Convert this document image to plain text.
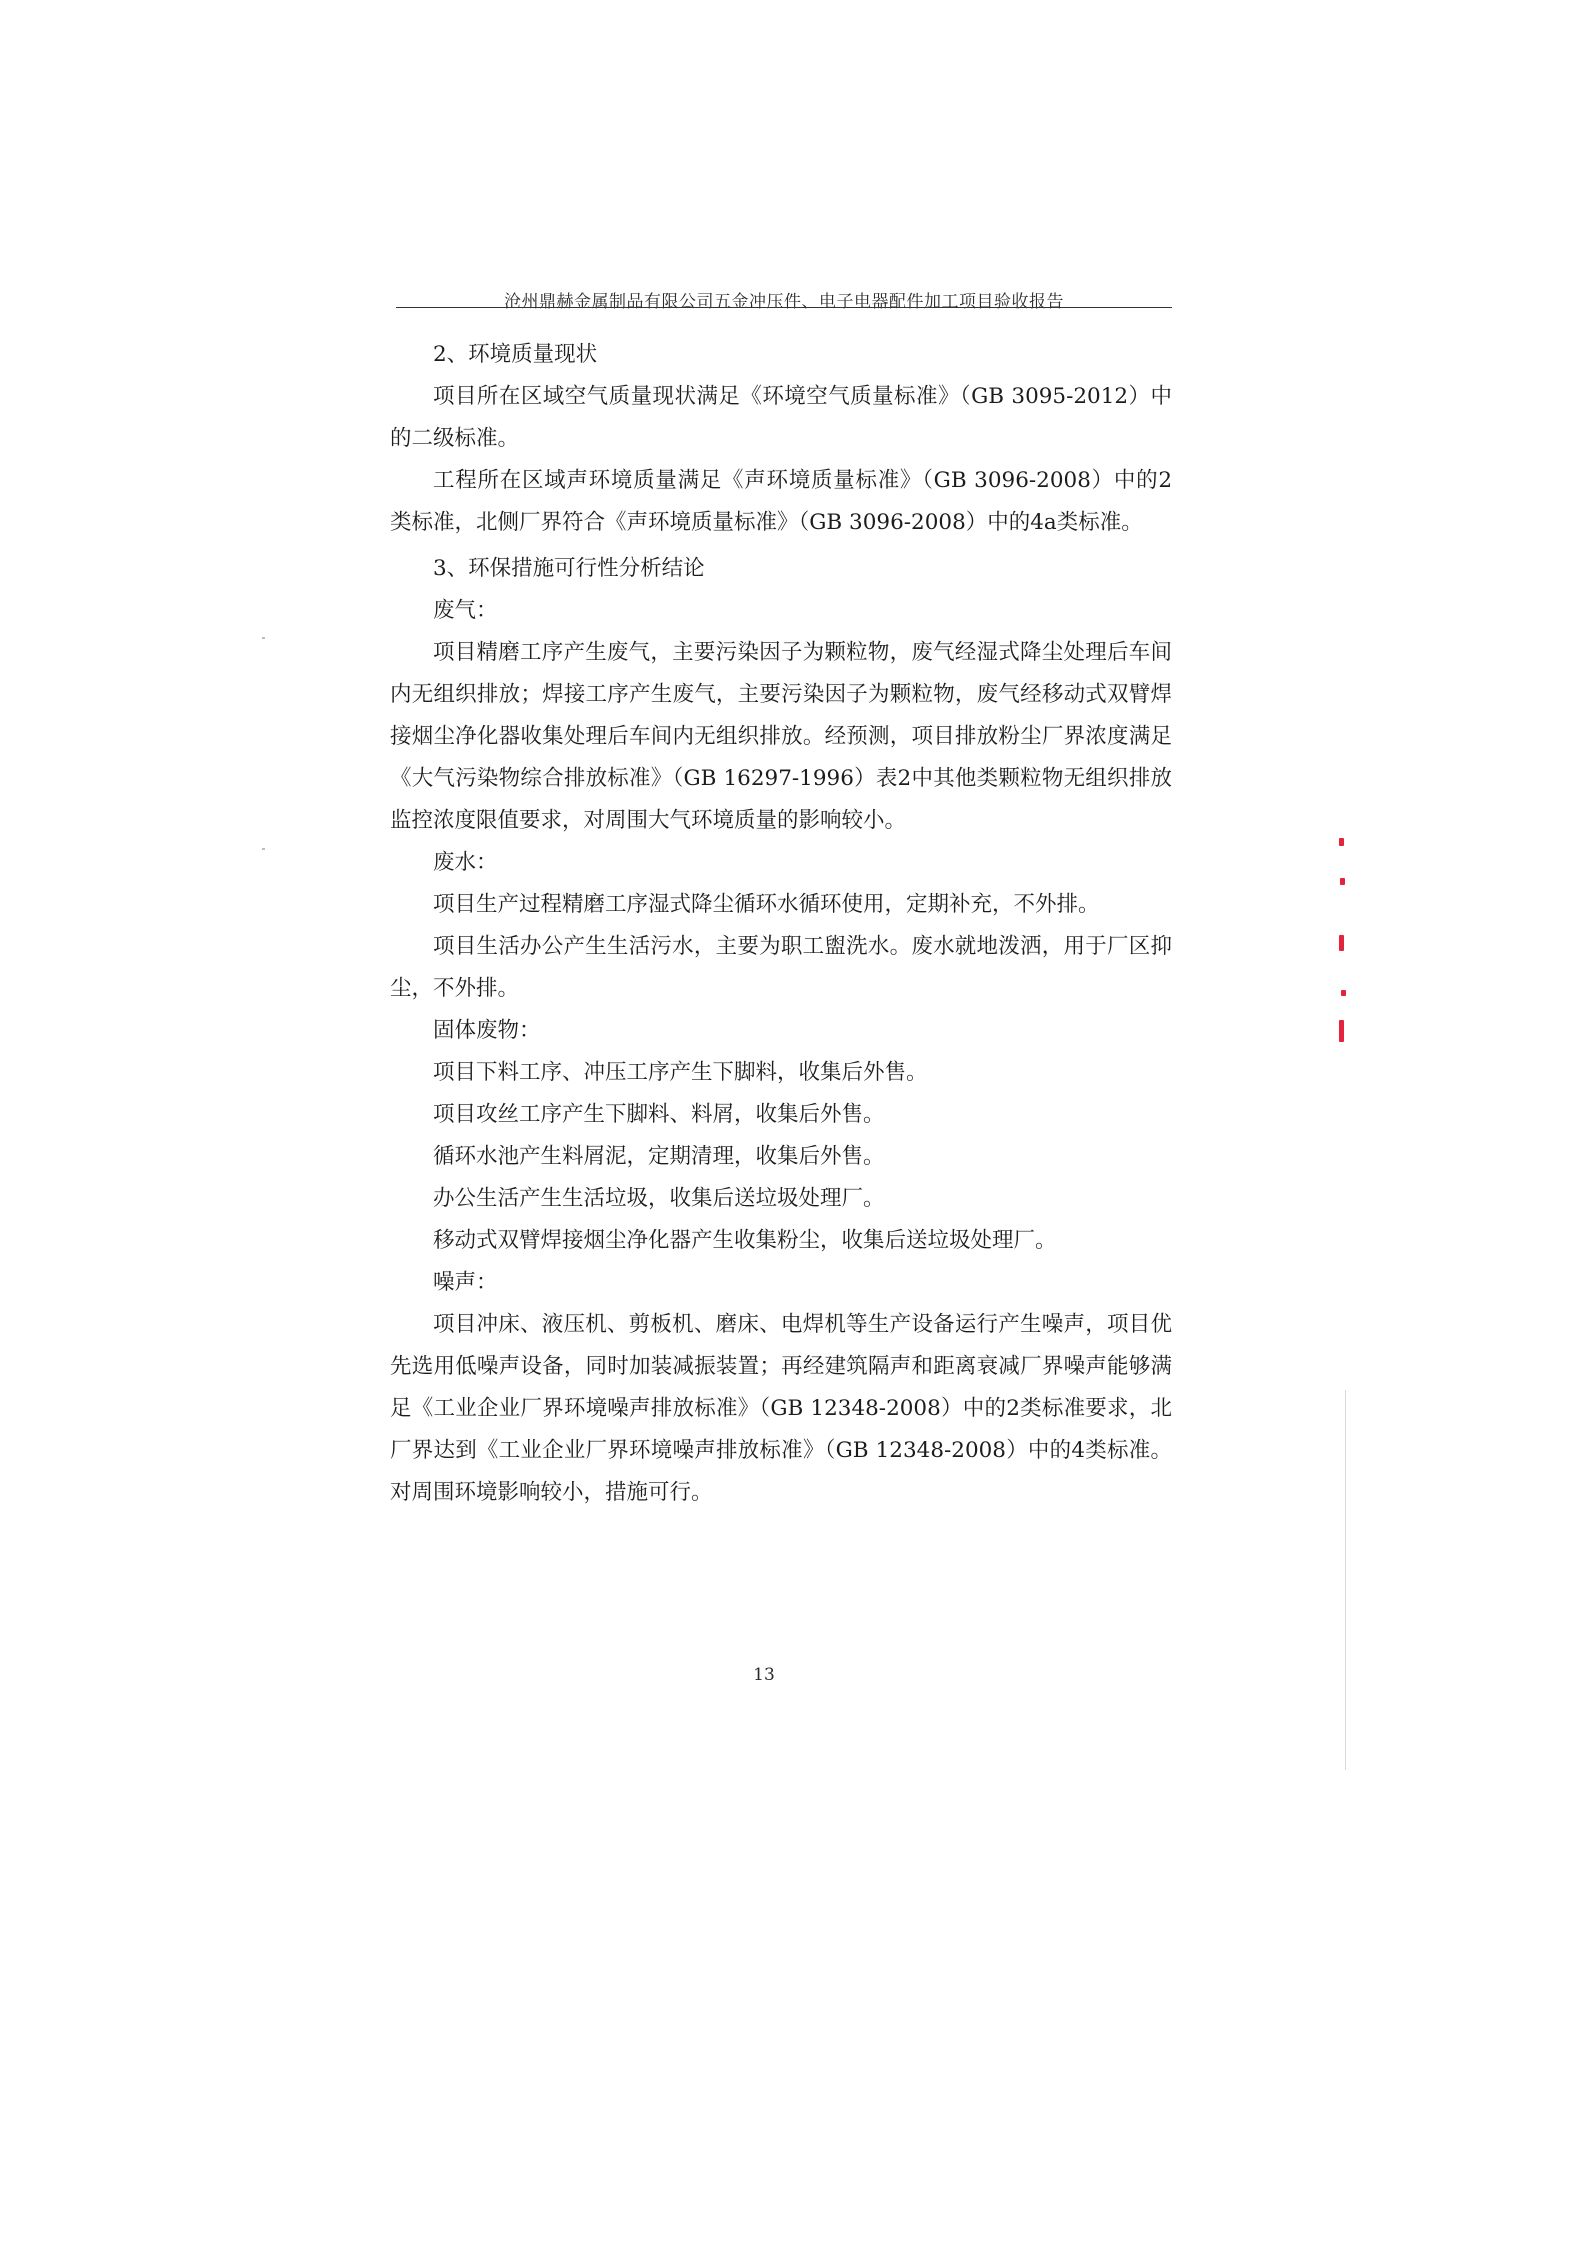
沧州鼎赫金属制品有限公司五金冲压件、电子电器配件加工项目验收报告

2、环境质量现状

项目所在区域空气质量现状满足《环境空气质量标准》（GB 3095-2012）中的二级标准。

工程所在区域声环境质量满足《声环境质量标准》（GB 3096-2008）中的2类标准，北侧厂界符合《声环境质量标准》（GB 3096-2008）中的4a类标准。

3、环保措施可行性分析结论

废气：

项目精磨工序产生废气，主要污染因子为颗粒物，废气经湿式降尘处理后车间内无组织排放；焊接工序产生废气，主要污染因子为颗粒物，废气经移动式双臂焊接烟尘净化器收集处理后车间内无组织排放。经预测，项目排放粉尘厂界浓度满足《大气污染物综合排放标准》（GB 16297-1996）表2中其他类颗粒物无组织排放监控浓度限值要求，对周围大气环境质量的影响较小。

废水：

项目生产过程精磨工序湿式降尘循环水循环使用，定期补充，不外排。

项目生活办公产生生活污水，主要为职工盥洗水。废水就地泼洒，用于厂区抑尘，不外排。

固体废物：

项目下料工序、冲压工序产生下脚料，收集后外售。

项目攻丝工序产生下脚料、料屑，收集后外售。

循环水池产生料屑泥，定期清理，收集后外售。

办公生活产生生活垃圾，收集后送垃圾处理厂。

移动式双臂焊接烟尘净化器产生收集粉尘，收集后送垃圾处理厂。

噪声：

项目冲床、液压机、剪板机、磨床、电焊机等生产设备运行产生噪声，项目优先选用低噪声设备，同时加装减振装置；再经建筑隔声和距离衰减厂界噪声能够满足《工业企业厂界环境噪声排放标准》（GB 12348-2008）中的2类标准要求，北厂界达到《工业企业厂界环境噪声排放标准》（GB 12348-2008）中的4类标准。对周围环境影响较小，措施可行。

13
